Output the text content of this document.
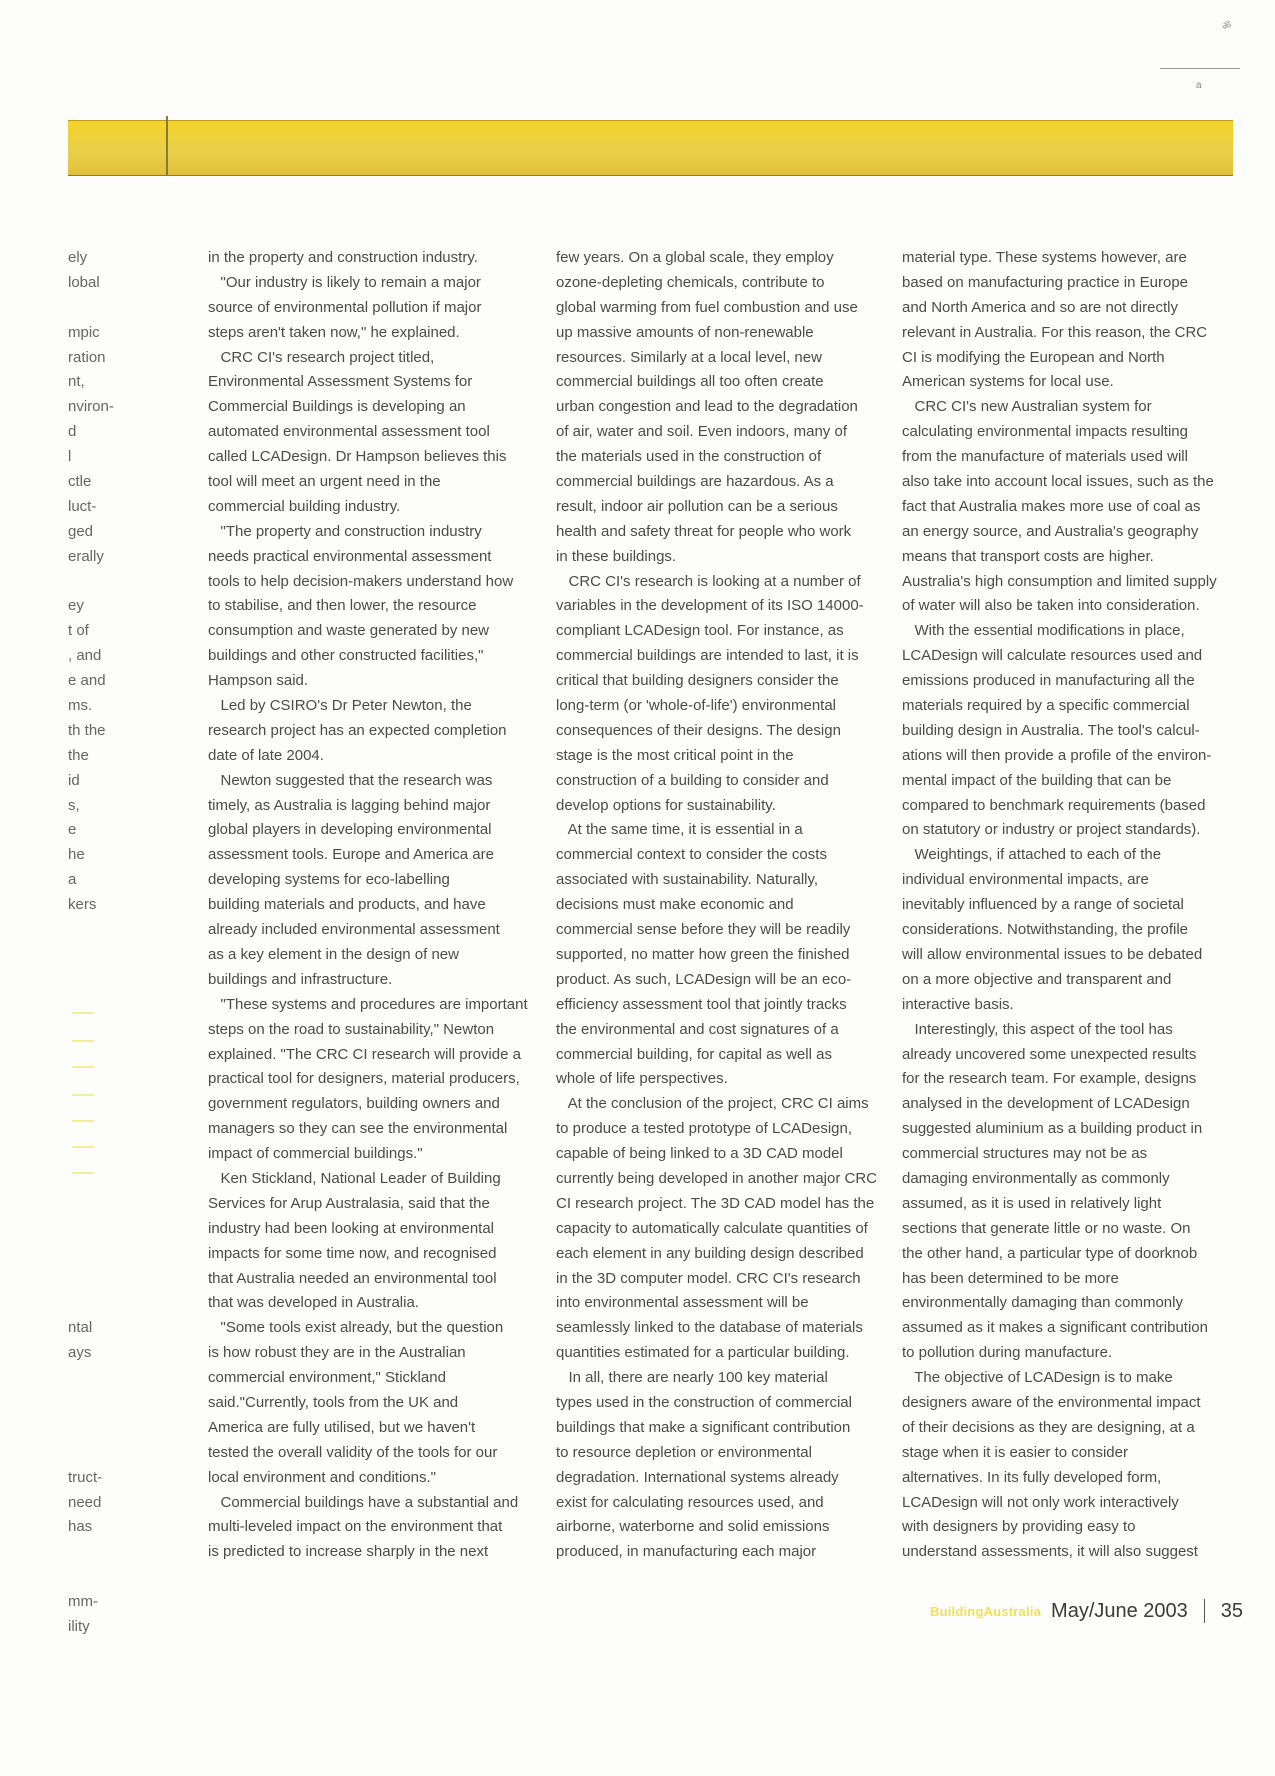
ॐ
a
ely
lobal
mpic
ration
nt,
nviron-
d
l
ctle
luct-
ged
erally
ey
t of
, and
e and
ms.
th the
the
id
s,
e
he
a
kers
ntal
ays
truct-
need
has
mm-
ility
in the property and construction industry.
"Our industry is likely to remain a major
source of environmental pollution if major
steps aren't taken now," he explained.
CRC CI's research project titled,
Environmental Assessment Systems for
Commercial Buildings is developing an
automated environmental assessment tool
called LCADesign. Dr Hampson believes this
tool will meet an urgent need in the
commercial building industry.
"The property and construction industry
needs practical environmental assessment
tools to help decision-makers understand how
to stabilise, and then lower, the resource
consumption and waste generated by new
buildings and other constructed facilities,"
Hampson said.
Led by CSIRO's Dr Peter Newton, the
research project has an expected completion
date of late 2004.
Newton suggested that the research was
timely, as Australia is lagging behind major
global players in developing environmental
assessment tools. Europe and America are
developing systems for eco-labelling
building materials and products, and have
already included environmental assessment
as a key element in the design of new
buildings and infrastructure.
"These systems and procedures are important
steps on the road to sustainability," Newton
explained. "The CRC CI research will provide a
practical tool for designers, material producers,
government regulators, building owners and
managers so they can see the environmental
impact of commercial buildings."
Ken Stickland, National Leader of Building
Services for Arup Australasia, said that the
industry had been looking at environmental
impacts for some time now, and recognised
that Australia needed an environmental tool
that was developed in Australia.
"Some tools exist already, but the question
is how robust they are in the Australian
commercial environment," Stickland
said."Currently, tools from the UK and
America are fully utilised, but we haven't
tested the overall validity of the tools for our
local environment and conditions."
Commercial buildings have a substantial and
multi-leveled impact on the environment that
is predicted to increase sharply in the next
few years. On a global scale, they employ
ozone-depleting chemicals, contribute to
global warming from fuel combustion and use
up massive amounts of non-renewable
resources. Similarly at a local level, new
commercial buildings all too often create
urban congestion and lead to the degradation
of air, water and soil. Even indoors, many of
the materials used in the construction of
commercial buildings are hazardous. As a
result, indoor air pollution can be a serious
health and safety threat for people who work
in these buildings.
CRC CI's research is looking at a number of
variables in the development of its ISO 14000-
compliant LCADesign tool. For instance, as
commercial buildings are intended to last, it is
critical that building designers consider the
long-term (or 'whole-of-life') environmental
consequences of their designs. The design
stage is the most critical point in the
construction of a building to consider and
develop options for sustainability.
At the same time, it is essential in a
commercial context to consider the costs
associated with sustainability. Naturally,
decisions must make economic and
commercial sense before they will be readily
supported, no matter how green the finished
product. As such, LCADesign will be an eco-
efficiency assessment tool that jointly tracks
the environmental and cost signatures of a
commercial building, for capital as well as
whole of life perspectives.
At the conclusion of the project, CRC CI aims
to produce a tested prototype of LCADesign,
capable of being linked to a 3D CAD model
currently being developed in another major CRC
CI research project. The 3D CAD model has the
capacity to automatically calculate quantities of
each element in any building design described
in the 3D computer model. CRC CI's research
into environmental assessment will be
seamlessly linked to the database of materials
quantities estimated for a particular building.
In all, there are nearly 100 key material
types used in the construction of commercial
buildings that make a significant contribution
to resource depletion or environmental
degradation. International systems already
exist for calculating resources used, and
airborne, waterborne and solid emissions
produced, in manufacturing each major
material type. These systems however, are
based on manufacturing practice in Europe
and North America and so are not directly
relevant in Australia. For this reason, the CRC
CI is modifying the European and North
American systems for local use.
CRC CI's new Australian system for
calculating environmental impacts resulting
from the manufacture of materials used will
also take into account local issues, such as the
fact that Australia makes more use of coal as
an energy source, and Australia's geography
means that transport costs are higher.
Australia's high consumption and limited supply
of water will also be taken into consideration.
With the essential modifications in place,
LCADesign will calculate resources used and
emissions produced in manufacturing all the
materials required by a specific commercial
building design in Australia. The tool's calcul-
ations will then provide a profile of the environ-
mental impact of the building that can be
compared to benchmark requirements (based
on statutory or industry or project standards).
Weightings, if attached to each of the
individual environmental impacts, are
inevitably influenced by a range of societal
considerations. Notwithstanding, the profile
will allow environmental issues to be debated
on a more objective and transparent and
interactive basis.
Interestingly, this aspect of the tool has
already uncovered some unexpected results
for the research team. For example, designs
analysed in the development of LCADesign
suggested aluminium as a building product in
commercial structures may not be as
damaging environmentally as commonly
assumed, as it is used in relatively light
sections that generate little or no waste. On
the other hand, a particular type of doorknob
has been determined to be more
environmentally damaging than commonly
assumed as it makes a significant contribution
to pollution during manufacture.
The objective of LCADesign is to make
designers aware of the environmental impact
of their decisions as they are designing, at a
stage when it is easier to consider
alternatives. In its fully developed form,
LCADesign will not only work interactively
with designers by providing easy to
understand assessments, it will also suggest
BuildingAustralia May/June 2003 35
